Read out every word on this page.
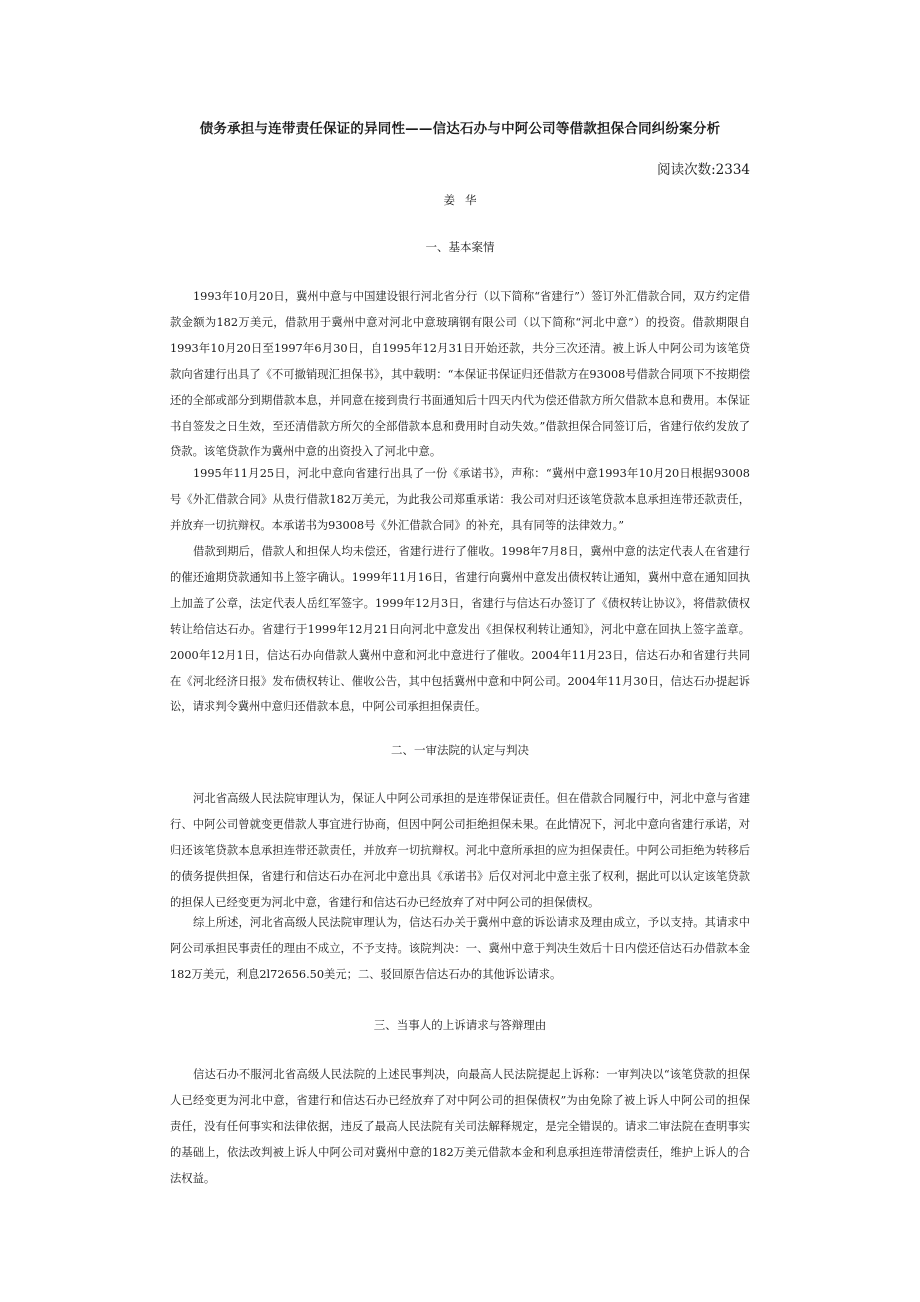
债务承担与连带责任保证的异同性——信达石办与中阿公司等借款担保合同纠纷案分析
阅读次数:2334
姜华
一、基本案情

1993年10月20日，冀州中意与中国建设银行河北省分行（以下简称“省建行”）签订外汇借款合同，双方约定借款金额为182万美元，借款用于冀州中意对河北中意玻璃钢有限公司（以下简称“河北中意”）的投资。借款期限自1993年10月20日至1997年6月30日，自1995年12月31日开始还款，共分三次还清。被上诉人中阿公司为该笔贷款向省建行出具了《不可撤销现汇担保书》，其中载明：“本保证书保证归还借款方在93008号借款合同项下不按期偿还的全部或部分到期借款本息，并同意在接到贵行书面通知后十四天内代为偿还借款方所欠借款本息和费用。本保证书自签发之日生效，至还清借款方所欠的全部借款本息和费用时自动失效。”借款担保合同签订后，省建行依约发放了贷款。该笔贷款作为冀州中意的出资投入了河北中意。

1995年11月25日，河北中意向省建行出具了一份《承诺书》，声称：“冀州中意1993年10月20日根据93008号《外汇借款合同》从贵行借款182万美元，为此我公司郑重承诺：我公司对归还该笔贷款本息承担连带还款责任，并放弃一切抗辩权。本承诺书为93008号《外汇借款合同》的补充，具有同等的法律效力。”

借款到期后，借款人和担保人均未偿还，省建行进行了催收。1998年7月8日，冀州中意的法定代表人在省建行的催还逾期贷款通知书上签字确认。1999年11月16日，省建行向冀州中意发出债权转让通知，冀州中意在通知回执上加盖了公章，法定代表人岳红军签字。1999年12月3日，省建行与信达石办签订了《债权转让协议》，将借款债权转让给信达石办。省建行于1999年12月21日向河北中意发出《担保权利转让通知》，河北中意在回执上签字盖章。2000年12月1日，信达石办向借款人冀州中意和河北中意进行了催收。2004年11月23日，信达石办和省建行共同在《河北经济日报》发布债权转让、催收公告，其中包括冀州中意和中阿公司。2004年11月30日，信达石办提起诉讼，请求判令冀州中意归还借款本息，中阿公司承担担保责任。

二、一审法院的认定与判决

河北省高级人民法院审理认为，保证人中阿公司承担的是连带保证责任。但在借款合同履行中，河北中意与省建行、中阿公司曾就变更借款人事宜进行协商，但因中阿公司拒绝担保未果。在此情况下，河北中意向省建行承诺，对归还该笔贷款本息承担连带还款责任，并放弃一切抗辩权。河北中意所承担的应为担保责任。中阿公司拒绝为转移后的债务提供担保，省建行和信达石办在河北中意出具《承诺书》后仅对河北中意主张了权利，据此可以认定该笔贷款的担保人已经变更为河北中意，省建行和信达石办已经放弃了对中阿公司的担保债权。

综上所述，河北省高级人民法院审理认为，信达石办关于冀州中意的诉讼请求及理由成立，予以支持。其请求中阿公司承担民事责任的理由不成立，不予支持。该院判决：一、冀州中意于判决生效后十日内偿还信达石办借款本金182万美元，利息2l72656.50美元；二、驳回原告信达石办的其他诉讼请求。

三、当事人的上诉请求与答辩理由

信达石办不服河北省高级人民法院的上述民事判决，向最高人民法院提起上诉称：一审判决以“该笔贷款的担保人已经变更为河北中意，省建行和信达石办已经放弃了对中阿公司的担保债权”为由免除了被上诉人中阿公司的担保责任，没有任何事实和法律依据，违反了最高人民法院有关司法解释规定，是完全错误的。请求二审法院在查明事实的基础上，依法改判被上诉人中阿公司对冀州中意的182万美元借款本金和利息承担连带清偿责任，维护上诉人的合法权益。
